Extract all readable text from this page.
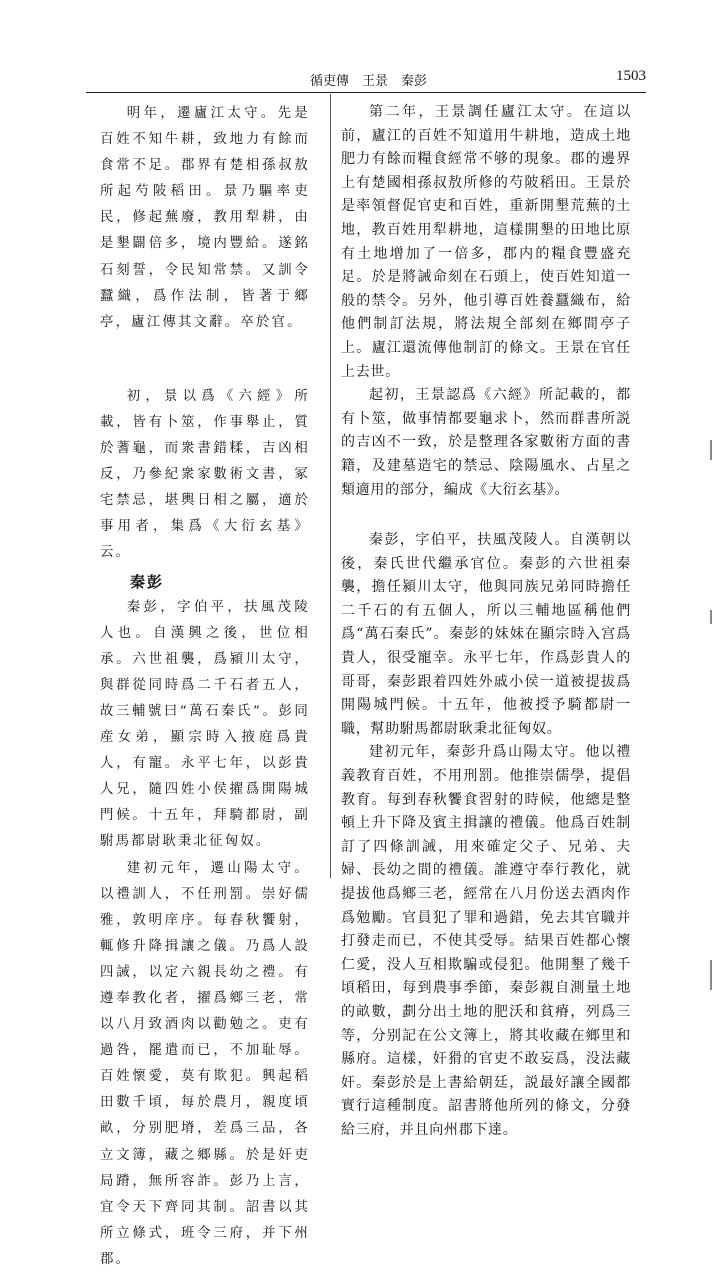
循吏傳　王景　秦彭	1503

明年，遷廬江太守。先是百姓不知牛耕，致地力有餘而食常不足。郡界有楚相孫叔敖所起芍陂稻田。景乃驅率吏民，修起蕪廢，教用犁耕，由是墾闢倍多，境内豐給。遂銘石刻誓，令民知常禁。又訓令蠶織，爲作法制，皆著于鄉亭，廬江傳其文辭。卒於官。

初，景以爲《六經》所載，皆有卜筮，作事舉止，質於蓍龜，而衆書錯糅，吉凶相反，乃參紀衆家數術文書，冢宅禁忌，堪輿日相之屬，適於事用者，集爲《大衍玄基》云。

秦彭

秦彭，字伯平，扶風茂陵人也。自漢興之後，世位相承。六世祖襲，爲潁川太守，與群從同時爲二千石者五人，故三輔號曰“萬石秦氏”。彭同産女弟，顯宗時入掖庭爲貴人，有寵。永平七年，以彭貴人兄，隨四姓小侯擢爲開陽城門候。十五年，拜騎都尉，副駙馬都尉耿秉北征匈奴。

建初元年，遷山陽太守。以禮訓人，不任刑罰。崇好儒雅，敦明庠序。每春秋饗射，輒修升降揖讓之儀。乃爲人設四誡，以定六親長幼之禮。有遵奉教化者，擢爲鄉三老，常以八月致酒肉以勸勉之。吏有過咎，罷遣而已，不加耻辱。百姓懷愛，莫有欺犯。興起稻田數千頃，每於農月，親度頃畝，分别肥塉，差爲三品，各立文簿，藏之鄉縣。於是奸吏局蹐，無所容詐。彭乃上言，宜令天下齊同其制。詔書以其所立條式，班令三府，并下州郡。

第二年，王景調任廬江太守。在這以前，廬江的百姓不知道用牛耕地，造成土地肥力有餘而糧食經常不够的現象。郡的邊界上有楚國相孫叔敖所修的芍陂稻田。王景於是率領督促官吏和百姓，重新開墾荒蕪的土地，教百姓用犁耕地，這樣開墾的田地比原有土地增加了一倍多，郡内的糧食豐盛充足。於是將誡命刻在石頭上，使百姓知道一般的禁令。另外，他引導百姓養蠶織布，給他們制訂法規，將法規全部刻在鄉間亭子上。廬江還流傳他制訂的條文。王景在官任上去世。

起初，王景認爲《六經》所記載的，都有卜筮，做事情都要龜求卜，然而群書所説的吉凶不一致，於是整理各家數術方面的書籍，及建墓造宅的禁忌、陰陽風水、占星之類適用的部分，編成《大衍玄基》。

秦彭，字伯平，扶風茂陵人。自漢朝以後，秦氏世代繼承官位。秦彭的六世祖秦襲，擔任潁川太守，他與同族兄弟同時擔任二千石的有五個人，所以三輔地區稱他們爲“萬石秦氏”。秦彭的妹妹在顯宗時入宫爲貴人，很受寵幸。永平七年，作爲彭貴人的哥哥，秦彭跟着四姓外戚小侯一道被提拔爲開陽城門候。十五年，他被授予騎都尉一職，幫助駙馬都尉耿秉北征匈奴。

建初元年，秦彭升爲山陽太守。他以禮義教育百姓，不用刑罰。他推崇儒學，提倡教育。每到春秋饗食習射的時候，他總是整頓上升下降及賓主揖讓的禮儀。他爲百姓制訂了四條訓誡，用來確定父子、兄弟、夫婦、長幼之間的禮儀。誰遵守奉行教化，就提拔他爲鄉三老，經常在八月份送去酒肉作爲勉勵。官員犯了罪和過錯，免去其官職并打發走而已，不使其受辱。結果百姓都心懷仁愛，没人互相欺騙或侵犯。他開墾了幾千頃稻田，每到農事季節，秦彭親自測量土地的畝數，劃分出土地的肥沃和貧瘠，列爲三等，分别記在公文簿上，將其收藏在鄉里和縣府。這樣，奸猾的官吏不敢妄爲，没法藏奸。秦彭於是上書給朝廷，説最好讓全國都實行這種制度。詔書將他所列的條文，分發給三府，并且向州郡下達。
